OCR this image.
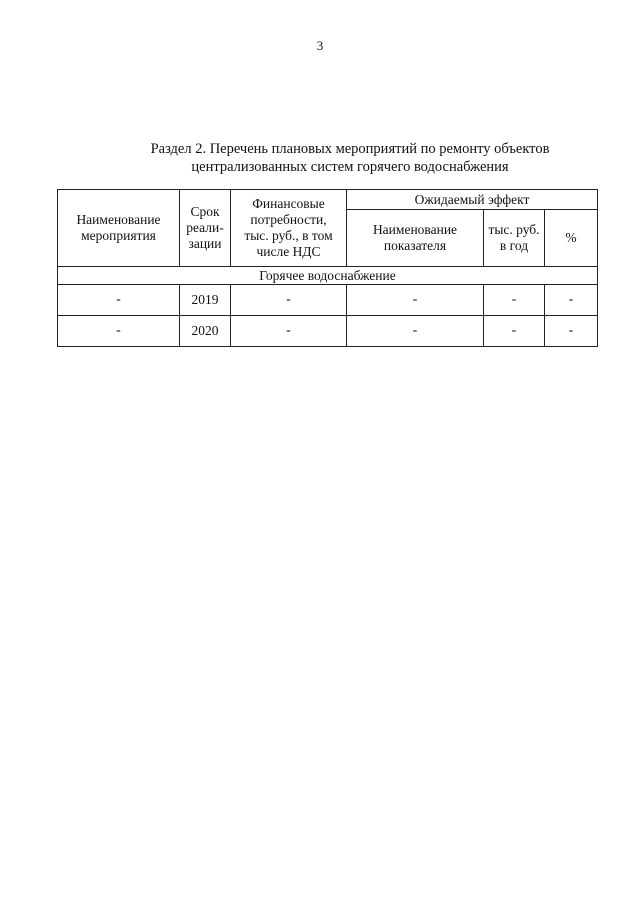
3
Раздел 2. Перечень плановых мероприятий по ремонту объектов
централизованных систем горячего водоснабжения
Наименование мероприятия	Срок реали-зации	Финансовые потребности, тыс. руб., в том числе НДС	Ожидаемый эффект		
			Наименование показателя	тыс. руб. в год	%
Горячее водоснабжение					
-	2019	-	-	-	-
-	2020	-	-	-	-
